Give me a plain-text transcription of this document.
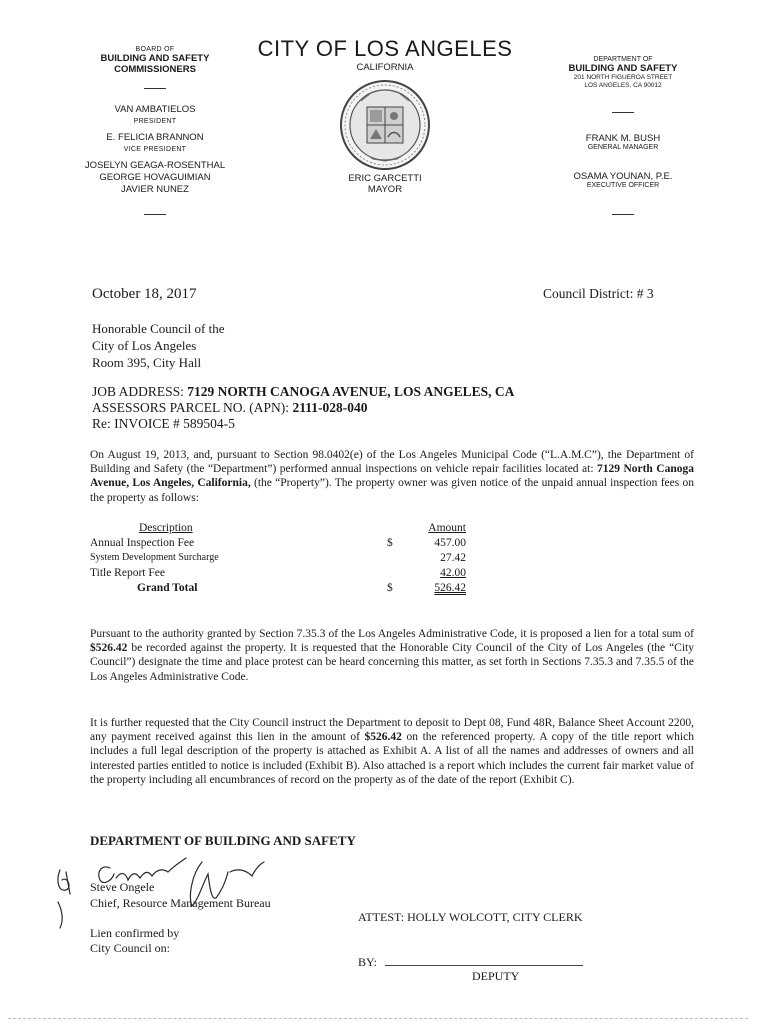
BOARD OF
BUILDING AND SAFETY
COMMISSIONERS
VAN AMBATIELOS
PRESIDENT
E. FELICIA BRANNON
VICE PRESIDENT
JOSELYN GEAGA-ROSENTHAL
GEORGE HOVAGUIMIAN
JAVIER NUNEZ
CITY OF LOS ANGELES
CALIFORNIA
ERIC GARCETTI
MAYOR
DEPARTMENT OF
BUILDING AND SAFETY
201 NORTH FIGUEROA STREET
LOS ANGELES, CA 90012
FRANK M. BUSH
GENERAL MANAGER
OSAMA YOUNAN, P.E.
EXECUTIVE OFFICER
October 18, 2017	Council District: # 3
Honorable Council of the
City of Los Angeles
Room 395, City Hall
JOB ADDRESS: 7129 NORTH CANOGA AVENUE, LOS ANGELES, CA
ASSESSORS PARCEL NO. (APN): 2111-028-040
Re: INVOICE # 589504-5
On August 19, 2013, and, pursuant to Section 98.0402(e) of the Los Angeles Municipal Code (“L.A.M.C”), the Department of Building and Safety (the “Department”) performed annual inspections on vehicle repair facilities located at: 7129 North Canoga Avenue, Los Angeles, California, (the “Property”). The property owner was given notice of the unpaid annual inspection fees on the property as follows:
Description	Amount
Annual Inspection Fee	$	457.00
System Development Surcharge	27.42
Title Report Fee	42.00
Grand Total	$	526.42
Pursuant to the authority granted by Section 7.35.3 of the Los Angeles Administrative Code, it is proposed a lien for a total sum of $526.42 be recorded against the property. It is requested that the Honorable City Council of the City of Los Angeles (the “City Council”) designate the time and place protest can be heard concerning this matter, as set forth in Sections 7.35.3 and 7.35.5 of the Los Angeles Administrative Code.
It is further requested that the City Council instruct the Department to deposit to Dept 08, Fund 48R, Balance Sheet Account 2200, any payment received against this lien in the amount of $526.42 on the referenced property. A copy of the title report which includes a full legal description of the property is attached as Exhibit A. A list of all the names and addresses of owners and all interested parties entitled to notice is included (Exhibit B). Also attached is a report which includes the current fair market value of the property including all encumbrances of record on the property as of the date of the report (Exhibit C).
DEPARTMENT OF BUILDING AND SAFETY
Steve Ongele
Chief, Resource Management Bureau
ATTEST: HOLLY WOLCOTT, CITY CLERK
Lien confirmed by
City Council on:
BY:
DEPUTY
